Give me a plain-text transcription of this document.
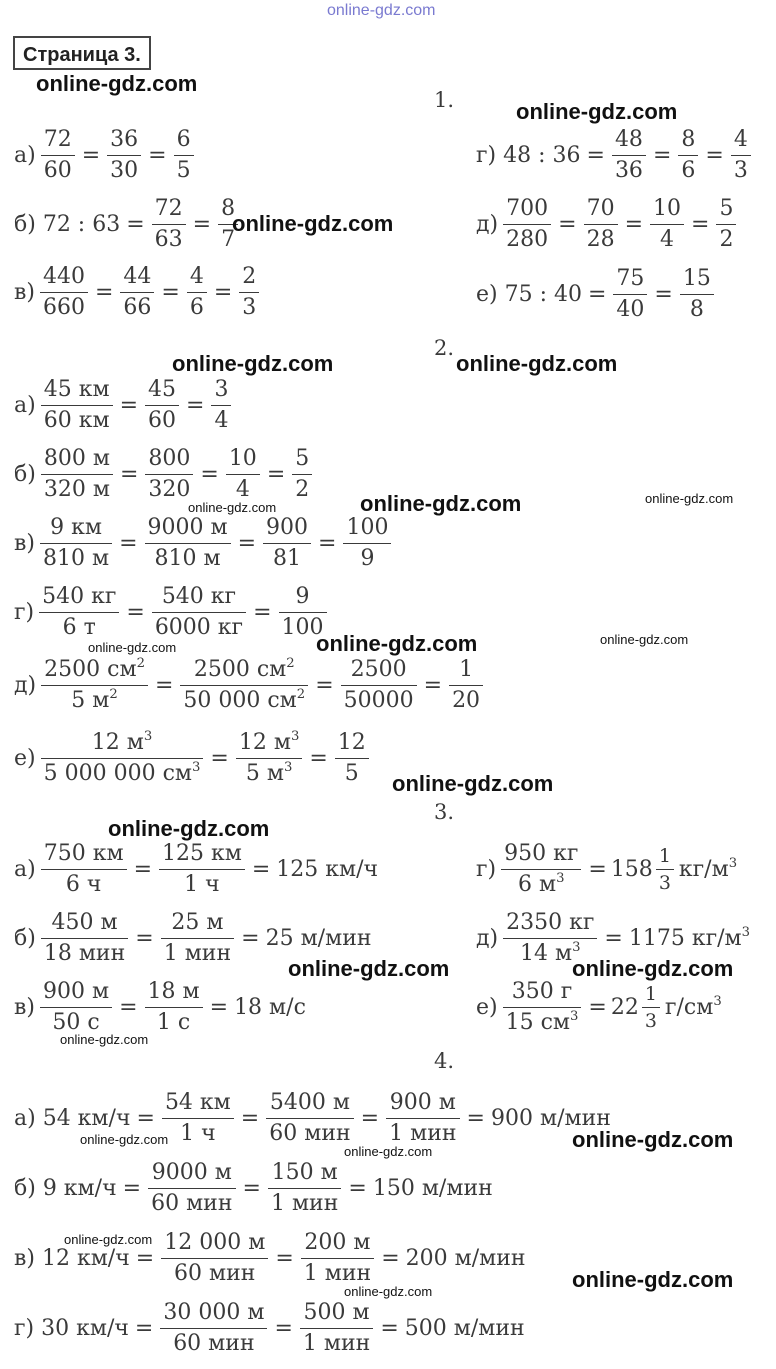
online-gdz.com
Страница 3.
1.
$а) \frac{72}{60} = \frac{36}{30} = \frac{6}{5}$
б) 72 : $63 = \frac{72}{63} = \frac{8}{7}$
$в) \frac{440}{660} = \frac{44}{66} = \frac{4}{6} = \frac{2}{3}$
г) 48 : $36 = \frac{48}{36} = \frac{8}{6} = \frac{4}{3}$
$д) \frac{700}{280} = \frac{70}{28} = \frac{10}{4} = \frac{5}{2}$
е) 75 : $40 = \frac{75}{40} = \frac{15}{8}$
2.
$а) \frac{45 км}{60 км} = \frac{45}{60} = \frac{3}{4}$
$б) \frac{800 м}{320 м} = \frac{800}{320} = \frac{10}{4} = \frac{5}{2}$
$в) \frac{9 км}{810 м} = \frac{9000 м}{810 м} = \frac{900}{81} = \frac{100}{9}$
$г) \frac{540 кг}{6 т} = \frac{540 кг}{6000 кг} = \frac{9}{100}$
$д) \frac{2500 см^2}{5 м^2} = \frac{2500 см^2}{50 000 см^2} = \frac{2500}{50000} = \frac{1}{20}$
$е) \frac{12 м^3}{5 000 000 см^3} = \frac{12 м^3}{5 м^3} = \frac{12}{5}$
3.
$а) \frac{750 км}{6 ч} = \frac{125 км}{1 ч} = 125$ км/ч
$б) \frac{450 м}{\text{18 мин}} = \frac{25 м}{\text{1 мин}} = 25$ м/мин
$в) \frac{900 м}{50 с} = \frac{18 м}{1 с} = 18$ м/с
$г) \frac{950 кг}{6 м^3} = 158 \frac{1}{3} кг/м^3$
$д) \frac{2350 кг}{14 м^3} = 1175$ $кг/м^3$
$е) \frac{350 г}{15 см^3} = 22 \frac{1}{3} г/см^3$
4.
а) 54 $км/ч = \frac{54 км}{1 ч} = \frac{5400 м}{\text{60 мин}} = \frac{900 м}{\text{1 мин}} = 900$ м/мин
б) 9 $км/ч = \frac{9000 м}{\text{60 мин}} = \frac{150 м}{\text{1 мин}} = 150$ м/мин
в) 12 $км/ч = \frac{12 000 м}{\text{60 мин}} = \frac{200 м}{\text{1 мин}} = 200$ м/мин
г) 30 $км/ч = \frac{30 000 м}{\text{60 мин}} = \frac{500 м}{\text{1 мин}} = 500$ м/мин
online-gdz.com
online-gdz.com
online-gdz.com
online-gdz.com	online-gdz.com
online-gdz.com
online-gdz.com
online-gdz.com
online-gdz.com
online-gdz.com	online-gdz.com
online-gdz.com
online-gdz.com
online-gdz.com
online-gdz.com
online-gdz.com
online-gdz.com
online-gdz.com
online-gdz.com
online-gdz.com
online-gdz.com
online-gdz.com
